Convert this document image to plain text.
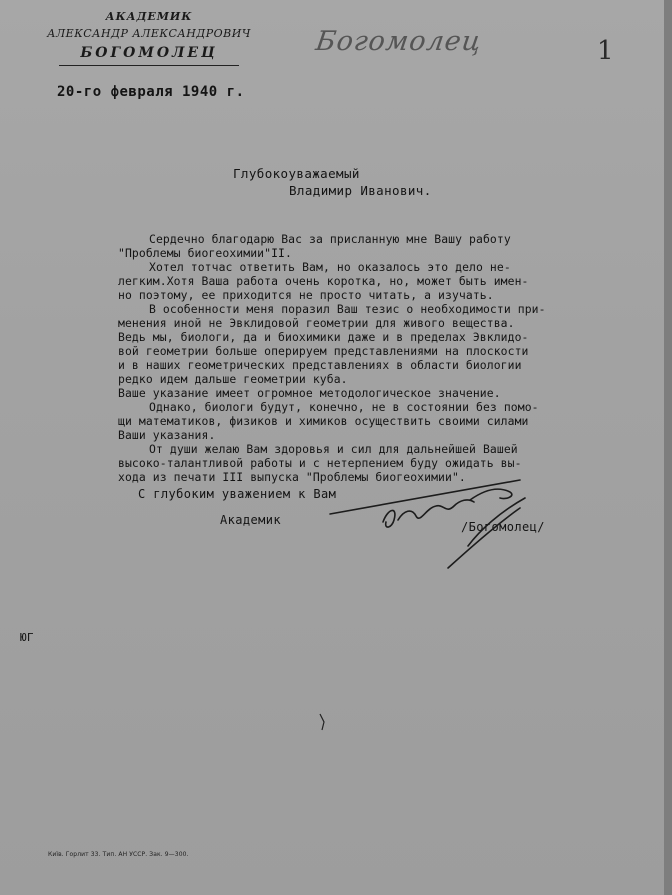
АКАДЕМИК
АЛЕКСАНДР АЛЕКСАНДРОВИЧ
БОГОМОЛЕЦ	Богомолец	1
20-го февраля 1940 г.
Глубокоуважаемый
Владимир Иванович.
Сердечно благодарю Вас за присланную мне Вашу работу
"Проблемы биогеохимии"II.
Хотел тотчас ответить Вам, но оказалось это дело не-
легким.Хотя Ваша работа очень коротка, но, может быть имен-
но поэтому, ее приходится не просто читать, а изучать.
В особенности меня поразил Ваш тезис о необходимости при-
менения иной не Эвклидовой геометрии для живого вещества.
Ведь мы, биологи, да и биохимики даже и в пределах Эвклидо-
вой геометрии больше оперируем представлениями на плоскости
и в наших геометрических представлениях в области биологии
редко идем дальше геометрии куба.
Ваше указание имеет огромное методологическое значение.
Однако, биологи будут, конечно, не в состоянии без помо-
щи математиков, физиков и химиков осуществить своими силами
Ваши указания.
От души желаю Вам здоровья и сил для дальнейшей Вашей
высоко-талантливой работы и с нетерпением буду ожидать вы-
хода из печати III выпуска "Проблемы биогеохимии".
С глубоким уважением к Вам
Академик	/Богомолец/
ЮГ
Київ. Горлит 33. Тип. АН УССР. Зак. 9—300.
